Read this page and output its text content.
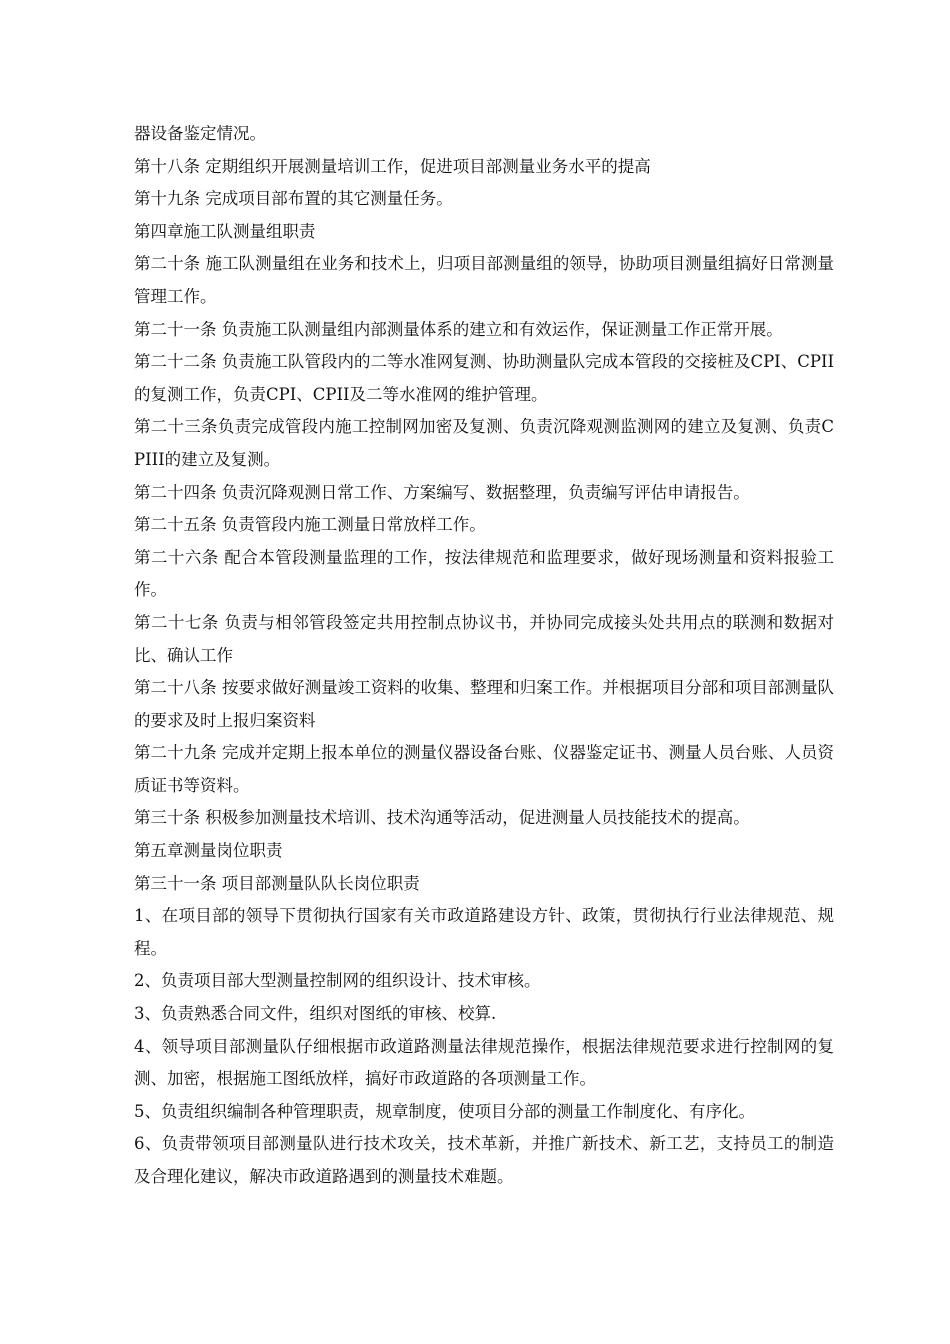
器设备鉴定情况。

第十八条 定期组织开展测量培训工作，促进项目部测量业务水平的提高

第十九条 完成项目部布置的其它测量任务。

第四章施工队测量组职责

第二十条 施工队测量组在业务和技术上，归项目部测量组的领导，协助项目测量组搞好日常测量管理工作。

第二十一条 负责施工队测量组内部测量体系的建立和有效运作，保证测量工作正常开展。

第二十二条 负责施工队管段内的二等水准网复测、协助测量队完成本管段的交接桩及CPI、CPII的复测工作，负责CPI、CPII及二等水准网的维护管理。

第二十三条负责完成管段内施工控制网加密及复测、负责沉降观测监测网的建立及复测、负责CPIII的建立及复测。

第二十四条 负责沉降观测日常工作、方案编写、数据整理，负责编写评估申请报告。

第二十五条 负责管段内施工测量日常放样工作。

第二十六条 配合本管段测量监理的工作，按法律规范和监理要求，做好现场测量和资料报验工作。

第二十七条 负责与相邻管段签定共用控制点协议书，并协同完成接头处共用点的联测和数据对比、确认工作

第二十八条 按要求做好测量竣工资料的收集、整理和归案工作。并根据项目分部和项目部测量队的要求及时上报归案资料

第二十九条 完成并定期上报本单位的测量仪器设备台账、仪器鉴定证书、测量人员台账、人员资质证书等资料。

第三十条 积极参加测量技术培训、技术沟通等活动，促进测量人员技能技术的提高。

第五章测量岗位职责

第三十一条 项目部测量队队长岗位职责

1、在项目部的领导下贯彻执行国家有关市政道路建设方针、政策，贯彻执行行业法律规范、规程。

2、负责项目部大型测量控制网的组织设计、技术审核。

3、负责熟悉合同文件，组织对图纸的审核、校算.

4、领导项目部测量队仔细根据市政道路测量法律规范操作，根据法律规范要求进行控制网的复测、加密，根据施工图纸放样，搞好市政道路的各项测量工作。

5、负责组织编制各种管理职责，规章制度，使项目分部的测量工作制度化、有序化。

6、负责带领项目部测量队进行技术攻关，技术革新，并推广新技术、新工艺，支持员工的制造及合理化建议，解决市政道路遇到的测量技术难题。
